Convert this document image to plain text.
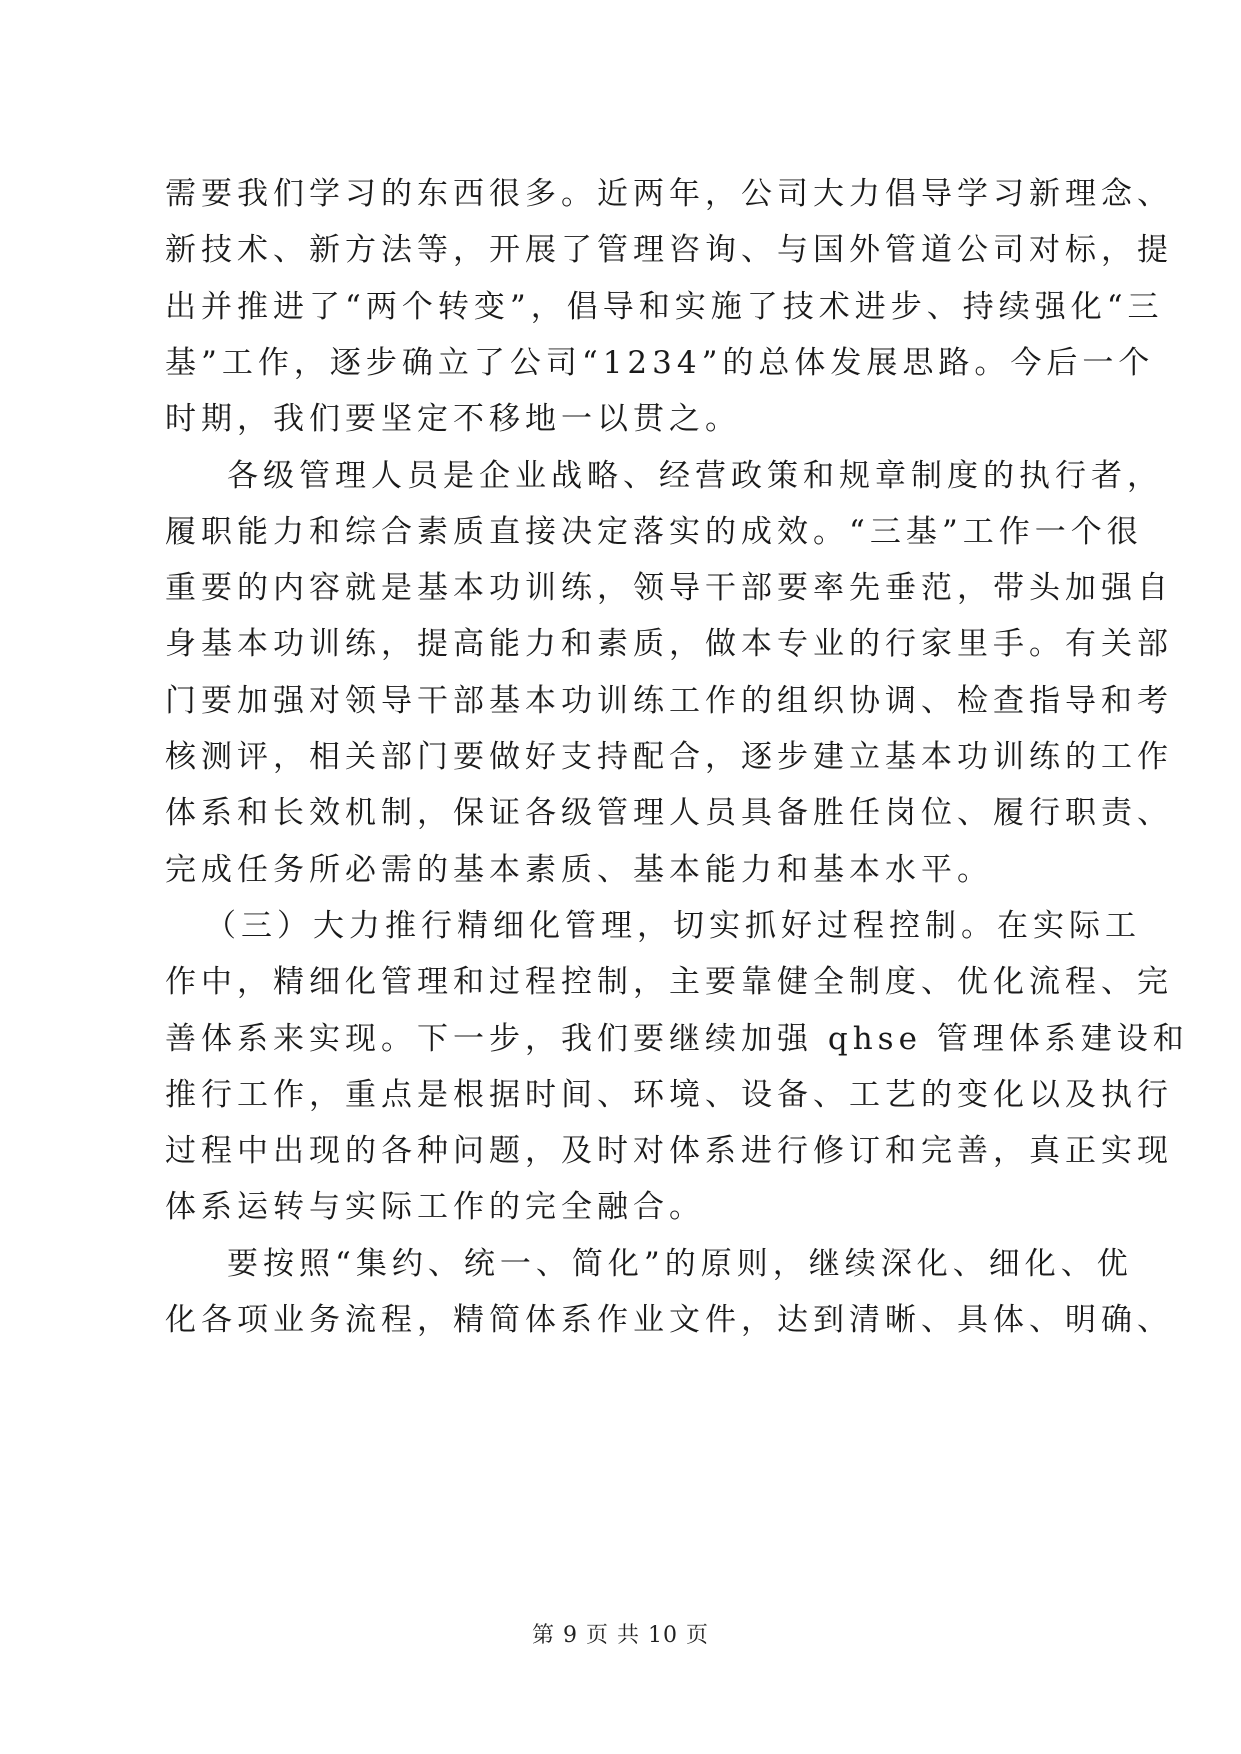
需要我们学习的东西很多。近两年，公司大力倡导学习新理念、
新技术、新方法等，开展了管理咨询、与国外管道公司对标，提
出并推进了“两个转变”，倡导和实施了技术进步、持续强化“三
基”工作，逐步确立了公司“1234”的总体发展思路。今后一个
时期，我们要坚定不移地一以贯之。
各级管理人员是企业战略、经营政策和规章制度的执行者，
履职能力和综合素质直接决定落实的成效。“三基”工作一个很
重要的内容就是基本功训练，领导干部要率先垂范，带头加强自
身基本功训练，提高能力和素质，做本专业的行家里手。有关部
门要加强对领导干部基本功训练工作的组织协调、检查指导和考
核测评，相关部门要做好支持配合，逐步建立基本功训练的工作
体系和长效机制，保证各级管理人员具备胜任岗位、履行职责、
完成任务所必需的基本素质、基本能力和基本水平。
（三）大力推行精细化管理，切实抓好过程控制。在实际工
作中，精细化管理和过程控制，主要靠健全制度、优化流程、完
善体系来实现。下一步，我们要继续加强 qhse 管理体系建设和
推行工作，重点是根据时间、环境、设备、工艺的变化以及执行
过程中出现的各种问题，及时对体系进行修订和完善，真正实现
体系运转与实际工作的完全融合。
要按照“集约、统一、简化”的原则，继续深化、细化、优
化各项业务流程，精简体系作业文件，达到清晰、具体、明确、
第 9 页 共 10 页
